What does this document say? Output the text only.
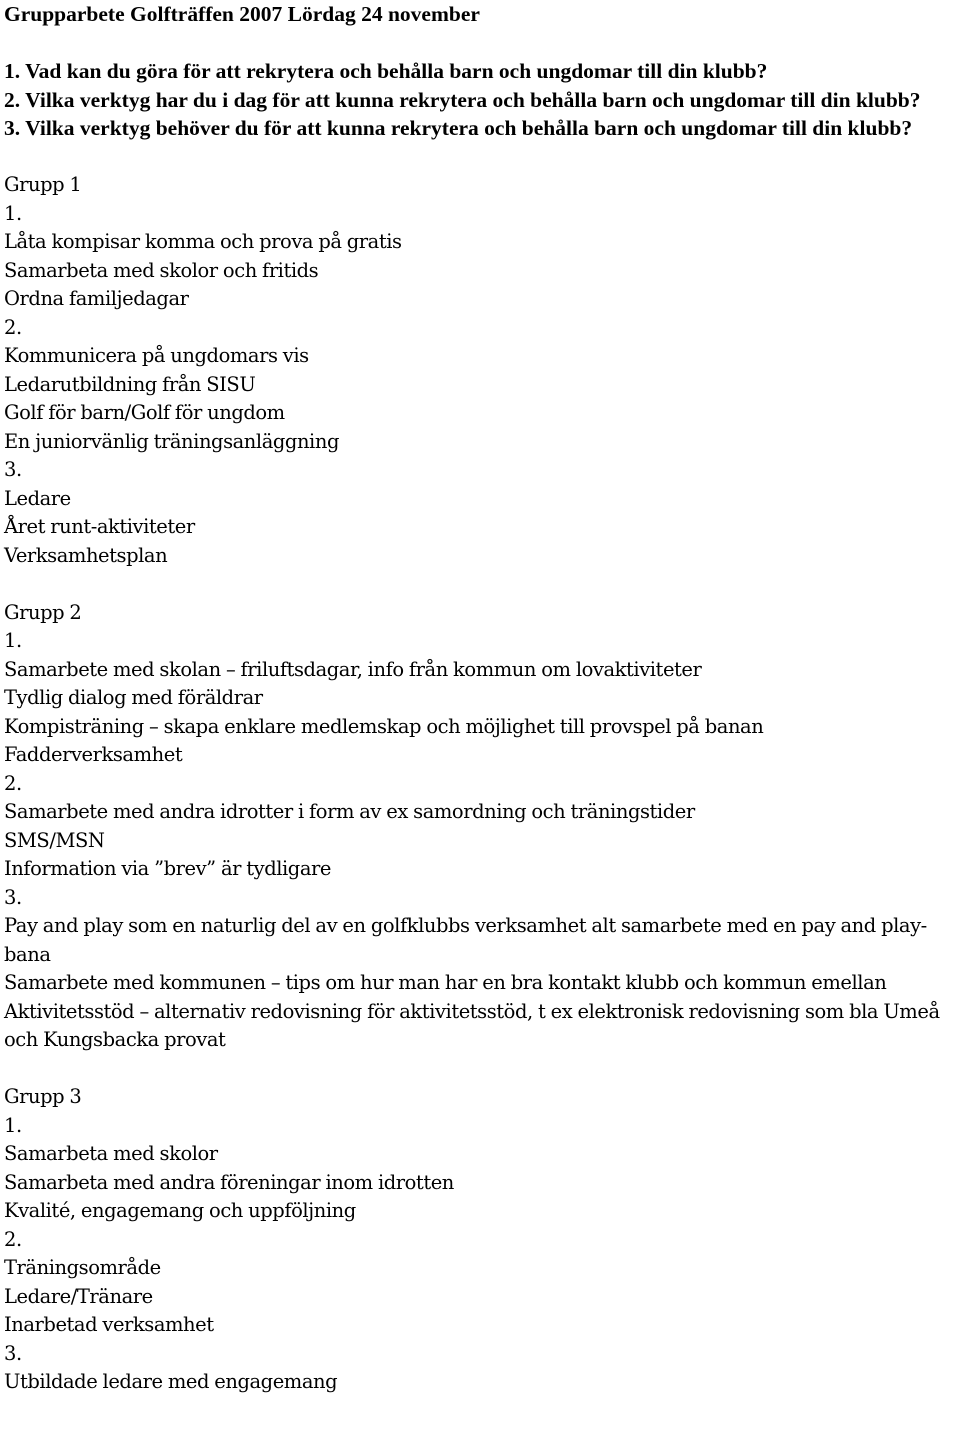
Grupparbete Golfträffen 2007 Lördag 24 november
1. Vad kan du göra för att rekrytera och behålla barn och ungdomar till din klubb?
2. Vilka verktyg har du i dag för att kunna rekrytera och behålla barn och ungdomar till din klubb?
3. Vilka verktyg behöver du för att kunna rekrytera och behålla barn och ungdomar till din klubb?
Grupp 1
1.
Låta kompisar komma och prova på gratis
Samarbeta med skolor och fritids
Ordna familjedagar
2.
Kommunicera på ungdomars vis
Ledarutbildning från SISU
Golf för barn/Golf för ungdom
En juniorvänlig träningsanläggning
3.
Ledare
Året runt-aktiviteter
Verksamhetsplan
Grupp 2
1.
Samarbete med skolan – friluftsdagar, info från kommun om lovaktiviteter
Tydlig dialog med föräldrar
Kompisträning – skapa enklare medlemskap och möjlighet till provspel på banan
Fadderverksamhet
2.
Samarbete med andra idrotter i form av ex samordning och träningstider
SMS/MSN
Information via ”brev” är tydligare
3.
Pay and play som en naturlig del av en golfklubbs verksamhet alt samarbete med en pay and play-bana
Samarbete med kommunen – tips om hur man har en bra kontakt klubb och kommun emellan
Aktivitetsstöd – alternativ redovisning för aktivitetsstöd, t ex elektronisk redovisning som bla Umeå och Kungsbacka provat
Grupp 3
1.
Samarbeta med skolor
Samarbeta med andra föreningar inom idrotten
Kvalité, engagemang och uppföljning
2.
Träningsområde
Ledare/Tränare
Inarbetad verksamhet
3.
Utbildade ledare med engagemang
